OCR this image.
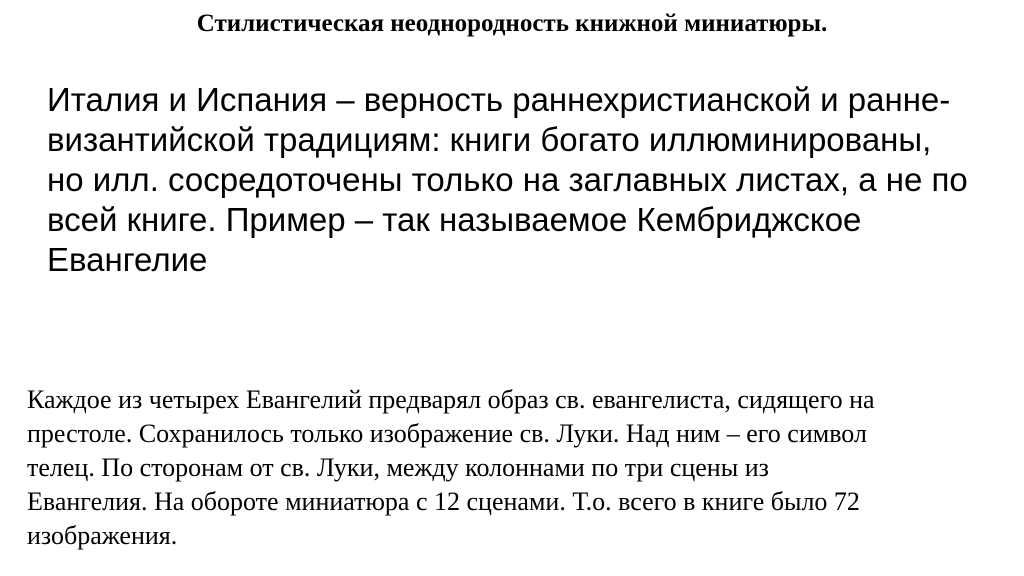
Стилистическая неоднородность книжной миниатюры.
Италия и Испания – верность раннехристианской и ранне-
византийской традициям: книги богато иллюминированы,
но илл. сосредоточены только на заглавных листах, а не по
всей книге. Пример – так называемое Кембриджское
Евангелие
Каждое из четырех Евангелий предварял образ св. евангелиста, сидящего на
престоле. Сохранилось только изображение св. Луки. Над ним – его символ
телец. По сторонам от св. Луки, между колоннами по три сцены из
Евангелия. На обороте миниатюра с 12 сценами. Т.о. всего в книге было 72
изображения.
